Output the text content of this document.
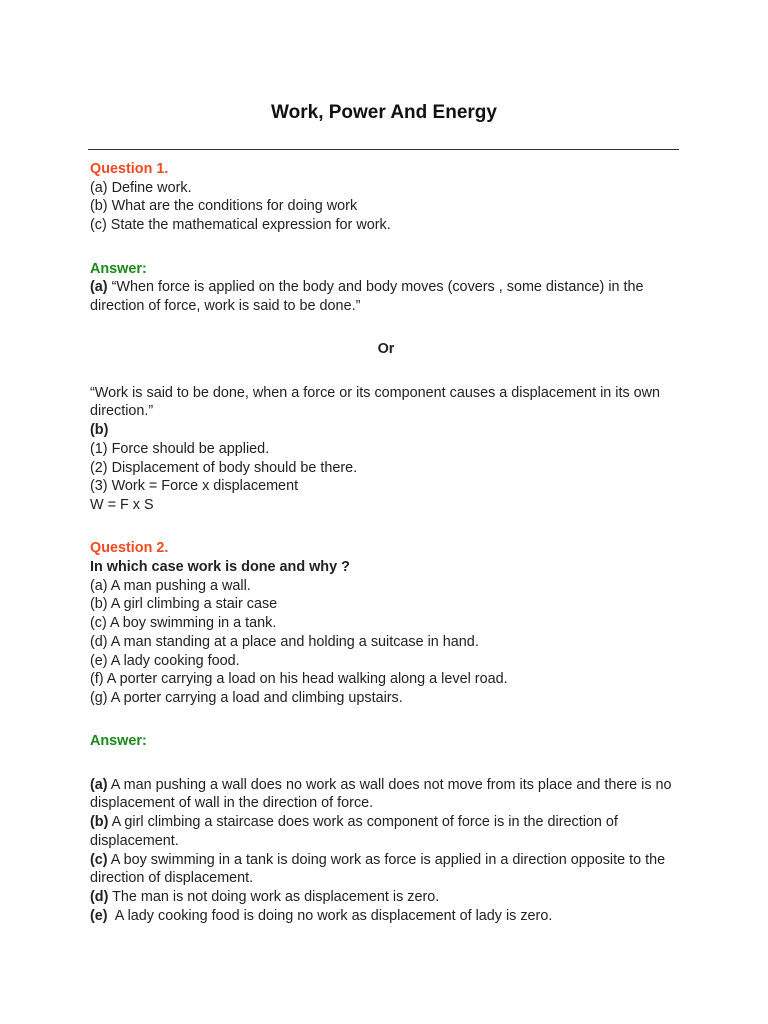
Work, Power And Energy
Question 1.
(a) Define work.
(b) What are the conditions for doing work
(c) State the mathematical expression for work.
Answer:
(a) “When force is applied on the body and body moves (covers , some distance) in the direction of force, work is said to be done.”
Or
“Work is said to be done, when a force or its component causes a displacement in its own direction.”
(b)
(1) Force should be applied.
(2) Displacement of body should be there.
(3) Work = Force x displacement
W = F x S
Question 2.
In which case work is done and why ?
(a) A man pushing a wall.
(b) A girl climbing a stair case
(c) A boy swimming in a tank.
(d) A man standing at a place and holding a suitcase in hand.
(e) A lady cooking food.
(f) A porter carrying a load on his head walking along a level road.
(g) A porter carrying a load and climbing upstairs.
Answer:
(a) A man pushing a wall does no work as wall does not move from its place and there is no displacement of wall in the direction of force.
(b) A girl climbing a staircase does work as component of force is in the direction of displacement.
(c) A boy swimming in a tank is doing work as force is applied in a direction opposite to the direction of displacement.
(d) The man is not doing work as displacement is zero.
(e)  A lady cooking food is doing no work as displacement of lady is zero.
